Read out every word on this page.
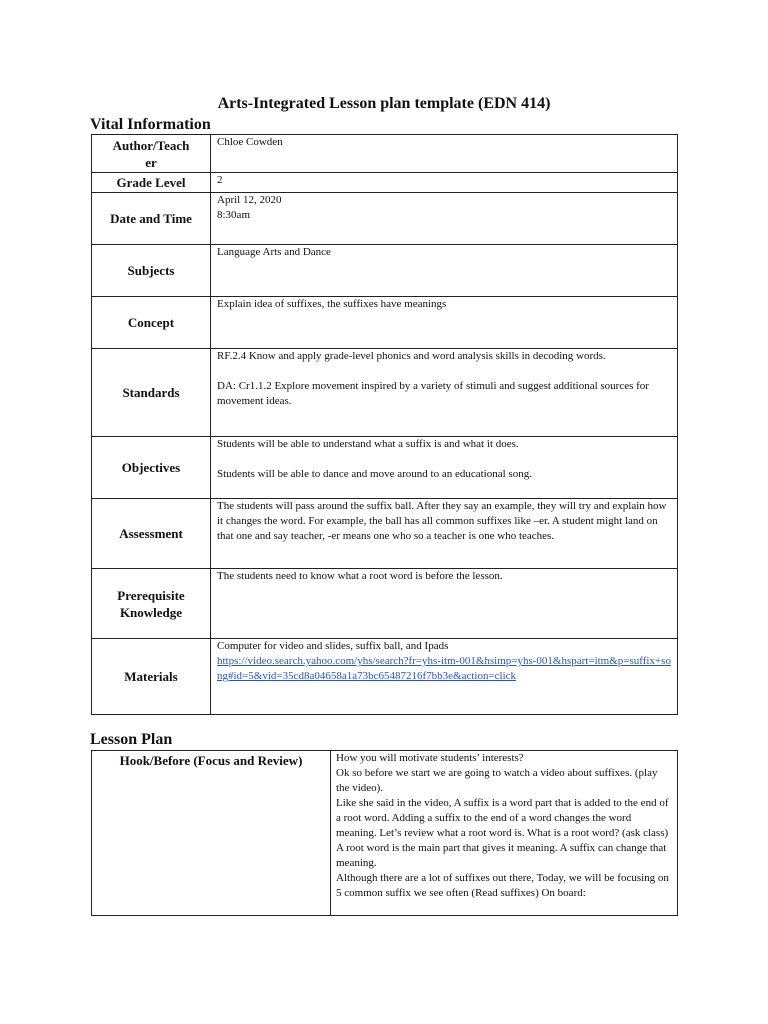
Arts-Integrated Lesson plan template (EDN 414)
Vital Information
Author/Teach
er	Chloe Cowden
Grade Level	2
Date and Time	April 12, 2020
8:30am

Subjects	Language Arts and Dance
Concept	Explain idea of suffixes, the suffixes have meanings
Standards	RF.2.4 Know and apply grade-level phonics and word analysis skills in decoding words.
DA: Cr1.1.2 Explore movement inspired by a variety of stimuli and suggest additional sources for movement ideas.

Objectives	Students will be able to understand what a suffix is and what it does.
Students will be able to dance and move around to an educational song.

Assessment	The students will pass around the suffix ball. After they say an example, they will try and explain how it changes the word. For example, the ball has all common suffixes like –er. A student might land on that one and say teacher, -er means one who so a teacher is one who teaches.
Prerequisite
Knowledge	The students need to know what a root word is before the lesson.
Materials	Computer for video and slides, suffix ball, and Ipads
https://video.search.yahoo.com/yhs/search?fr=yhs-itm-001&hsimp=yhs-001&hspart=itm&p=suffix+song#id=5&vid=35cd8a04658a1a73bc65487216f7bb3e&action=click
Lesson Plan
Hook/Before (Focus and Review)	How you will motivate students’ interests?
Ok so before we start we are going to watch a video about suffixes. (play the video).
Like she said in the video, A suffix is a word part that is added to the end of a root word. Adding a suffix to the end of a word changes the word meaning. Let’s review what a root word is. What is a root word? (ask class) A root word is the main part that gives it meaning. A suffix can change that meaning.
Although there are a lot of suffixes out there, Today, we will be focusing on 5 common suffix we see often (Read suffixes) On board:
